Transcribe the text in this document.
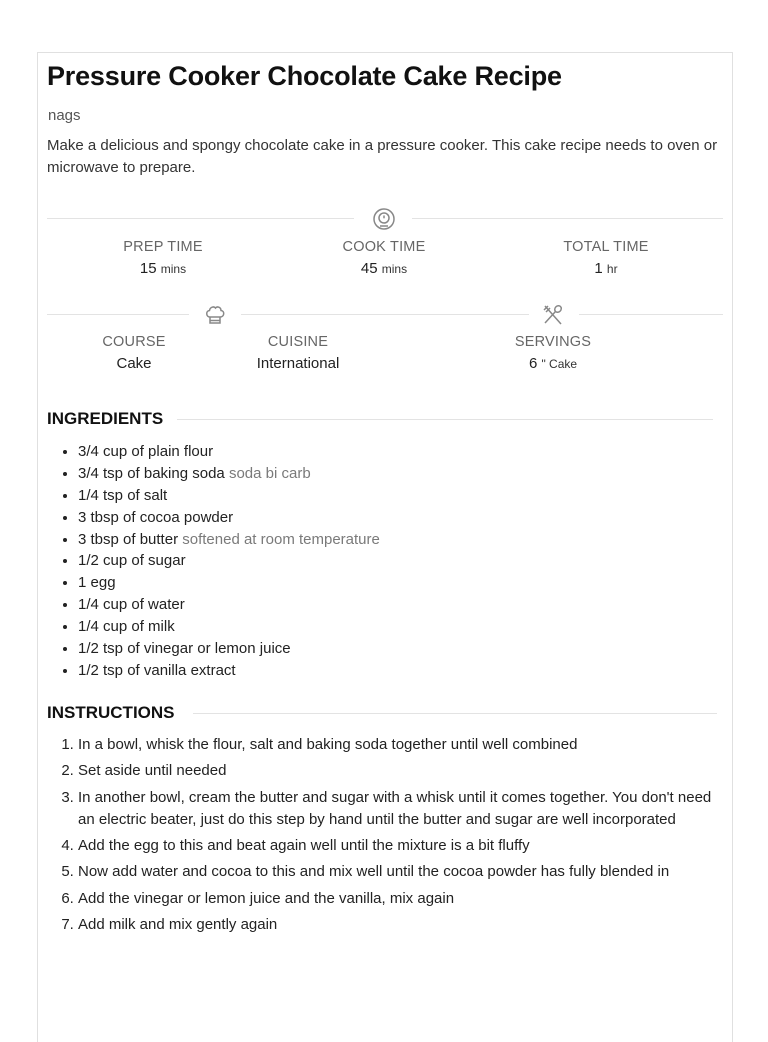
Pressure Cooker Chocolate Cake Recipe
nags

Make a delicious and spongy chocolate cake in a pressure cooker. This cake recipe needs to oven or microwave to prepare.

PREP TIME
15 mins
COOK TIME
45 mins
TOTAL TIME
1 hr
COURSE
Cake
CUISINE
International
SERVINGS
6 " Cake
INGREDIENTS
• 3/4 cup of plain flour
• 3/4 tsp of baking soda soda bi carb
• 1/4 tsp of salt
• 3 tbsp of cocoa powder
• 3 tbsp of butter softened at room temperature
• 1/2 cup of sugar
• 1 egg
• 1/4 cup of water
• 1/4 cup of milk
• 1/2 tsp of vinegar or lemon juice
• 1/2 tsp of vanilla extract
INSTRUCTIONS
1. In a bowl, whisk the flour, salt and baking soda together until well combined
2. Set aside until needed
3. In another bowl, cream the butter and sugar with a whisk until it comes together. You don't need an electric beater, just do this step by hand until the butter and sugar are well incorporated
4. Add the egg to this and beat again well until the mixture is a bit fluffy
5. Now add water and cocoa to this and mix well until the cocoa powder has fully blended in
6. Add the vinegar or lemon juice and the vanilla, mix again
7. Add milk and mix gently again
